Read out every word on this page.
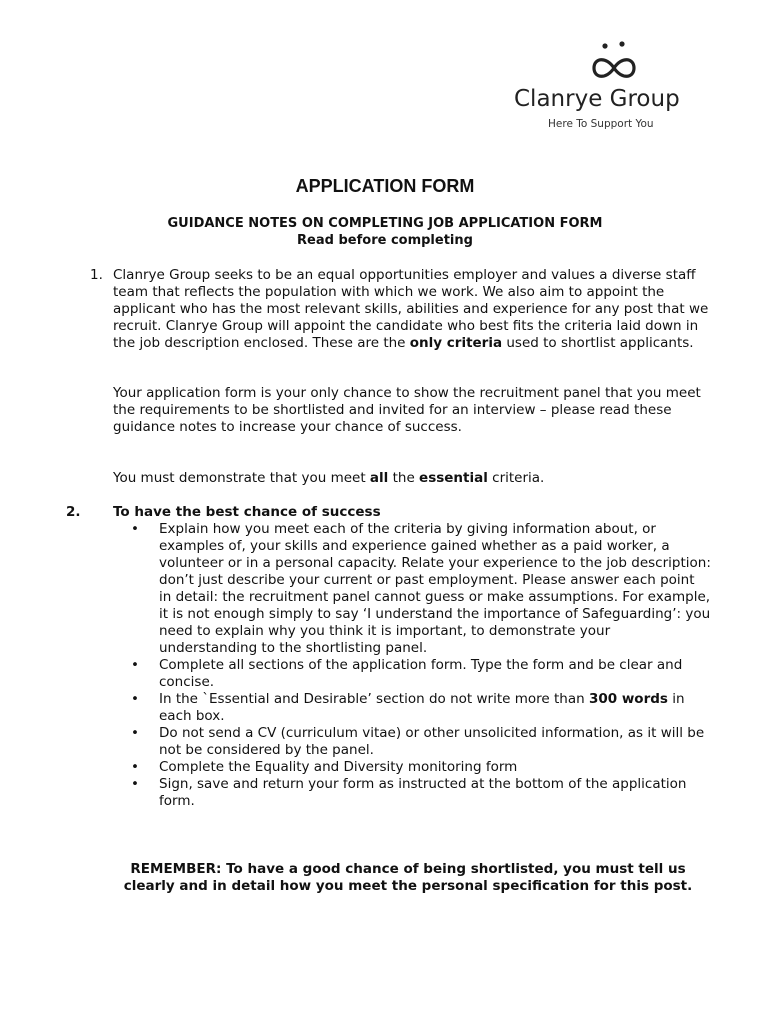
Clanrye Group
Here To Support You
APPLICATION FORM
GUIDANCE NOTES ON COMPLETING JOB APPLICATION FORM
Read before completing
1. Clanrye Group seeks to be an equal opportunities employer and values a diverse staff team that reflects the population with which we work. We also aim to appoint the applicant who has the most relevant skills, abilities and experience for any post that we recruit. Clanrye Group will appoint the candidate who best fits the criteria laid down in the job description enclosed. These are the only criteria used to shortlist applicants.
Your application form is your only chance to show the recruitment panel that you meet the requirements to be shortlisted and invited for an interview – please read these guidance notes to increase your chance of success.
You must demonstrate that you meet all the essential criteria.
2. To have the best chance of success
• Explain how you meet each of the criteria by giving information about, or examples of, your skills and experience gained whether as a paid worker, a volunteer or in a personal capacity. Relate your experience to the job description: don’t just describe your current or past employment. Please answer each point in detail: the recruitment panel cannot guess or make assumptions. For example, it is not enough simply to say ‘I understand the importance of Safeguarding’: you need to explain why you think it is important, to demonstrate your understanding to the shortlisting panel.
• Complete all sections of the application form. Type the form and be clear and concise.
• In the `Essential and Desirable’ section do not write more than 300 words in each box.
• Do not send a CV (curriculum vitae) or other unsolicited information, as it will be not be considered by the panel.
• Complete the Equality and Diversity monitoring form
• Sign, save and return your form as instructed at the bottom of the application form.
REMEMBER: To have a good chance of being shortlisted, you must tell us clearly and in detail how you meet the personal specification for this post.
